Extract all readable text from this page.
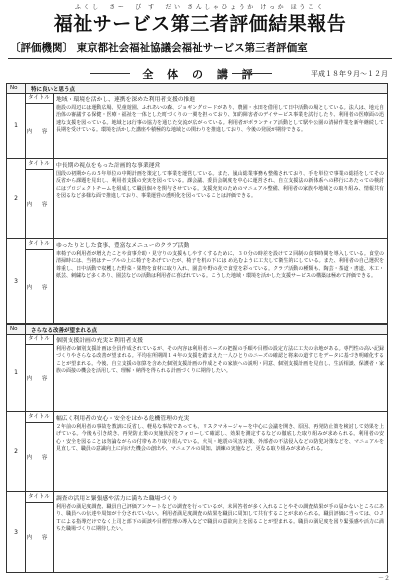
ふくし　さー　び す　だい さんしゃひょうか けっか ほうこく
福祉サービス第三者評価結果報告
〔評価機関〕 東京都社会福祉協議会福祉サービス第三者評価室
全 体 の 講 評	平成１８年９月～１２月
No 特に良いと思う点
1
タイトル
内 容
地域・環境を活かし、連携を深めた利用者支援の推進
施設の周辺には運動広場、児童遊園、ふれあいの森、ジョギングロードがあり、農園・水田を借用して日中活動の場としている。法人は、地元自治体の審議する保健・医療・福祉を一体とした町づくりの一翼を担っており、知的障害者のデイサービス事業を試行したり、利用者の医療面の迅速な支援を図っている。地域とは行事の協力を通じた交流が広がっている。利用者がボランティア活動として駅や公園の清掃作業を新年継続して長期を受けている。環境を活かした講座や積極的な地域との関わりを推進しており、今後の発展が期待できる。
2
タイトル
内 容
中長期の視点をもった計画的な事業運営
国段の初期からの５年単位の中期計画を策定して事業を運営している。また、嵐山総業事務も整備されており、手を単位で事業の総括をしてその反省から課題を見出し、利用者支援の充実を図っている。課会議、委員会制度を中心に運営され、自立支援法の新体系への移行にあたっての検討にはプロジェクトチームを組成して職員個々を関与させている。支援充実のためのマニュアル整備、利用者の家族や地域との取り組み、情報共有を図るなど多様な面で推進しており、事業運営の透明化を図っていることは評価できる。
3
タイトル
内 容
ゆったりとした食事、豊富なメニューのクラブ活動
車椅子の利用者が増えたことや食事介助・見守りの支援もしやすくするために、３０分の時差を設けて２回制の食事時間を導入している。食堂の清掃時には、当初はテーブルの上に椅子をあげていたが、椅子を机の下には め込むように工夫して衛生的にしている。また、利用者の自己選択を尊重し、日中活動で収穫した野菜・果物を食材に取り入れ、園芸や野の花で食堂を彩っている。クラブ活動の種類も、陶芸・茶道・書道、木工・紙芸、刺繍など多くあり、園芸などの活動は利用者に喜ばれている。こうした地域・環境を活かした支援サービスの構築は極めて評価できる。
No さらなる改善が望まれる点
1
タイトル
内 容
個別支援計画の充実と利用者支援
利用者の個別支援計画は全員作成されているが、その内容は利用者ニーズの把握の手順や目標の設定方法に工夫の余地がある。専門性の高い記録づくりやさらなる改善が望まれる。平均在所期間１４年の支援を踏まえた一人ひとりのニーズの確認と将来の道すじをデータに基づき明確化することが望まれる。今後、自立支援の加算を含めた個別支援計画の作成とその家族への説明・同意、個別支援計画を見直し、生活相談、保護者・家族の面接の機会を活用して、理解・納得を得られる計画づくりに期待したい。
2
タイトル
内 容
幅広く利用者の安心・安全をはかる危機管理の充実
２年前の利用者の事故を教訓に反省し、軽易な事故であっても、リスクマネージャーを中心に会議を開き、原因、再発防止策を検討して効果を上げている。今後も引き続き、再発防止策の実施状況をフォローして確認し、効果を測定するなどの徹底した取り組みが求められる。利用者の安心・安全を図ることは勿論ながらの付帯もあり取り組んでいる。火災・地震の災害対策、外部者の不法侵入などの防犯対策などを、マニュアルを見直して、職員の意識向上に向けた機会の創出や、マニュアルの周知、訓練の実施など、更なる取り組みが求められる。
3
タイトル
内 容
調査の活用と緊張感や活力に満ちた職場づくり
利用者の満足度調査、職員自己評価アンケートなどの調査を行っているが、未回答者が多く入れることやその調査結果が手の届かないところにあり、職員への伝達や周知が十分されていない。利用者満足度調査の結果を職員に周知して共有することが求められる。職員評価に当っては、ＯＪＴによる指導だけでなく上司と部下の面談や目標管理の導入などで職員の意欲向上を図ることが望まれる。職員の満足度を図り緊張感や活力に満ちた職場づくりに期待したい。
－２
